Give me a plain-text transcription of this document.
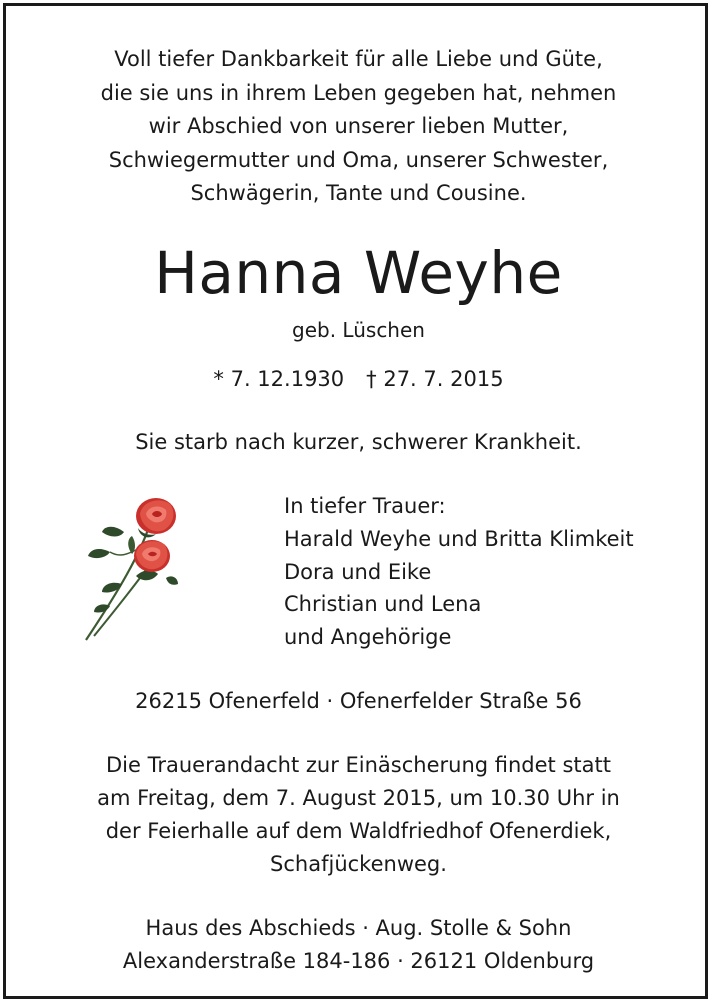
Voll tiefer Dankbarkeit für alle Liebe und Güte,
die sie uns in ihrem Leben gegeben hat, nehmen
wir Abschied von unserer lieben Mutter,
Schwiegermutter und Oma, unserer Schwester,
Schwägerin, Tante und Cousine.
Hanna Weyhe
geb. Lüschen
* 7. 12.1930 † 27. 7. 2015
Sie starb nach kurzer, schwerer Krankheit.
In tiefer Trauer:
Harald Weyhe und Britta Klimkeit
Dora und Eike
Christian und Lena
und Angehörige
26215 Ofenerfeld · Ofenerfelder Straße 56
Die Trauerandacht zur Einäscherung findet statt
am Freitag, dem 7. August 2015, um 10.30 Uhr in
der Feierhalle auf dem Waldfriedhof Ofenerdiek,
Schafjückenweg.
Haus des Abschieds · Aug. Stolle & Sohn
Alexanderstraße 184-186 · 26121 Oldenburg
